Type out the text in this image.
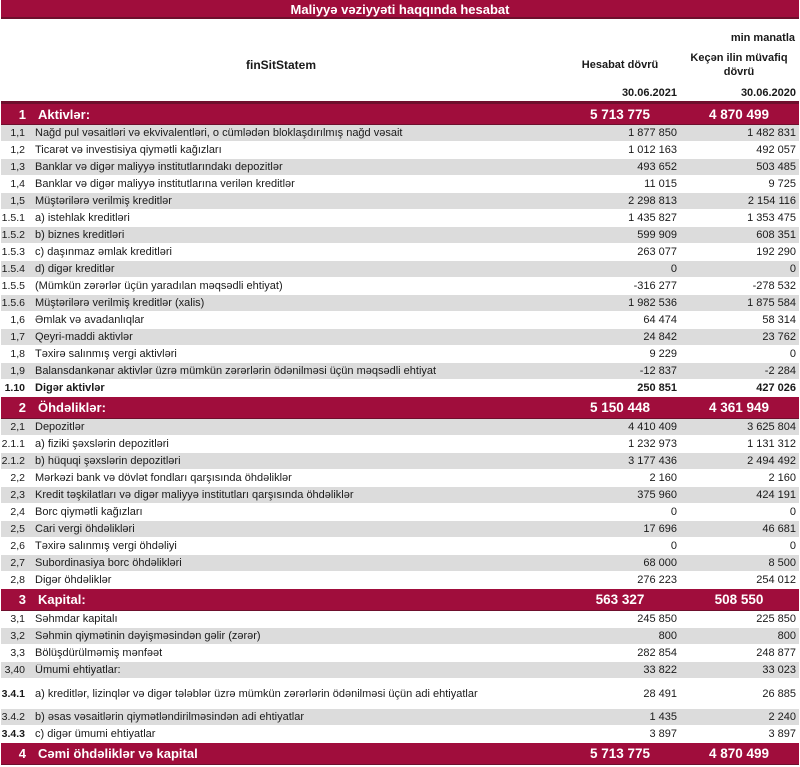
Maliyyə vəziyyəti haqqında hesabat
min manatla
finSitStatem	Hesabat dövrü
Keçən ilin müvafiq dövrü
30.06.2021	30.06.2020
1 Aktivlər:	5 713 775	4 870 499
1,1 Nağd pul vəsaitləri və ekvivalentləri, o cümlədən bloklaşdırılmış nağd vəsait	1 877 850	1 482 831
1,2 Ticarət və investisiya qiymətli kağızları	1 012 163	492 057
1,3 Banklar və digər maliyyə institutlarındakı depozitlər	493 652	503 485
1,4 Banklar və digər maliyyə institutlarına verilən kreditlər	11 015	9 725
1,5 Müştərilərə verilmiş kreditlər	2 298 813	2 154 116
1.5.1 a) istehlak kreditləri	1 435 827	1 353 475
1.5.2 b) biznes kreditləri	599 909	608 351
1.5.3 c) daşınmaz əmlak kreditləri	263 077	192 290
1.5.4 d) digər kreditlər	0	0
1.5.5 (Mümkün zərərlər üçün yaradılan məqsədli ehtiyat)	-316 277	-278 532
1.5.6 Müştərilərə verilmiş kreditlər (xalis)	1 982 536	1 875 584
1,6 Əmlak və avadanlıqlar	64 474	58 314
1,7 Qeyri-maddi aktivlər	24 842	23 762
1,8 Təxirə salınmış vergi aktivləri	9 229	0
1,9 Balansdankənar aktivlər üzrə mümkün zərərlərin ödənilməsi üçün məqsədli ehtiyat	-12 837	-2 284
1.10 Digər aktivlər	250 851	427 026
2 Öhdəliklər:	5 150 448	4 361 949
2,1 Depozitlər	4 410 409	3 625 804
2.1.1 a) fiziki şəxslərin depozitləri	1 232 973	1 131 312
2.1.2 b) hüquqi şəxslərin depozitləri	3 177 436	2 494 492
2,2 Mərkəzi bank və dövlət fondları qarşısında öhdəliklər	2 160	2 160
2,3 Kredit təşkilatları və digər maliyyə institutları qarşısında öhdəliklər	375 960	424 191
2,4 Borc qiymətli kağızları	0	0
2,5 Cari vergi öhdəlikləri	17 696	46 681
2,6 Təxirə salınmış vergi öhdəliyi	0	0
2,7 Subordinasiya borc öhdəlikləri	68 000	8 500
2,8 Digər öhdəliklər	276 223	254 012
3 Kapital:	563 327	508 550
3,1 Səhmdar kapitalı	245 850	225 850
3,2 Səhmin qiymətinin dəyişməsindən gəlir (zərər)	800	800
3,3 Bölüşdürülməmiş mənfəət	282 854	248 877
3,40 Ümumi ehtiyatlar:	33 822	33 023
3.4.1 a) kreditlər, lizinqlər və digər tələblər üzrə mümkün zərərlərin ödənilməsi üçün adi ehtiyatlar	28 491	26 885
3.4.2 b) əsas vəsaitlərin qiymətləndirilməsindən adi ehtiyatlar	1 435	2 240
3.4.3 c) digər ümumi ehtiyatlar	3 897	3 897
4 Cəmi öhdəliklər və kapital	5 713 775	4 870 499
